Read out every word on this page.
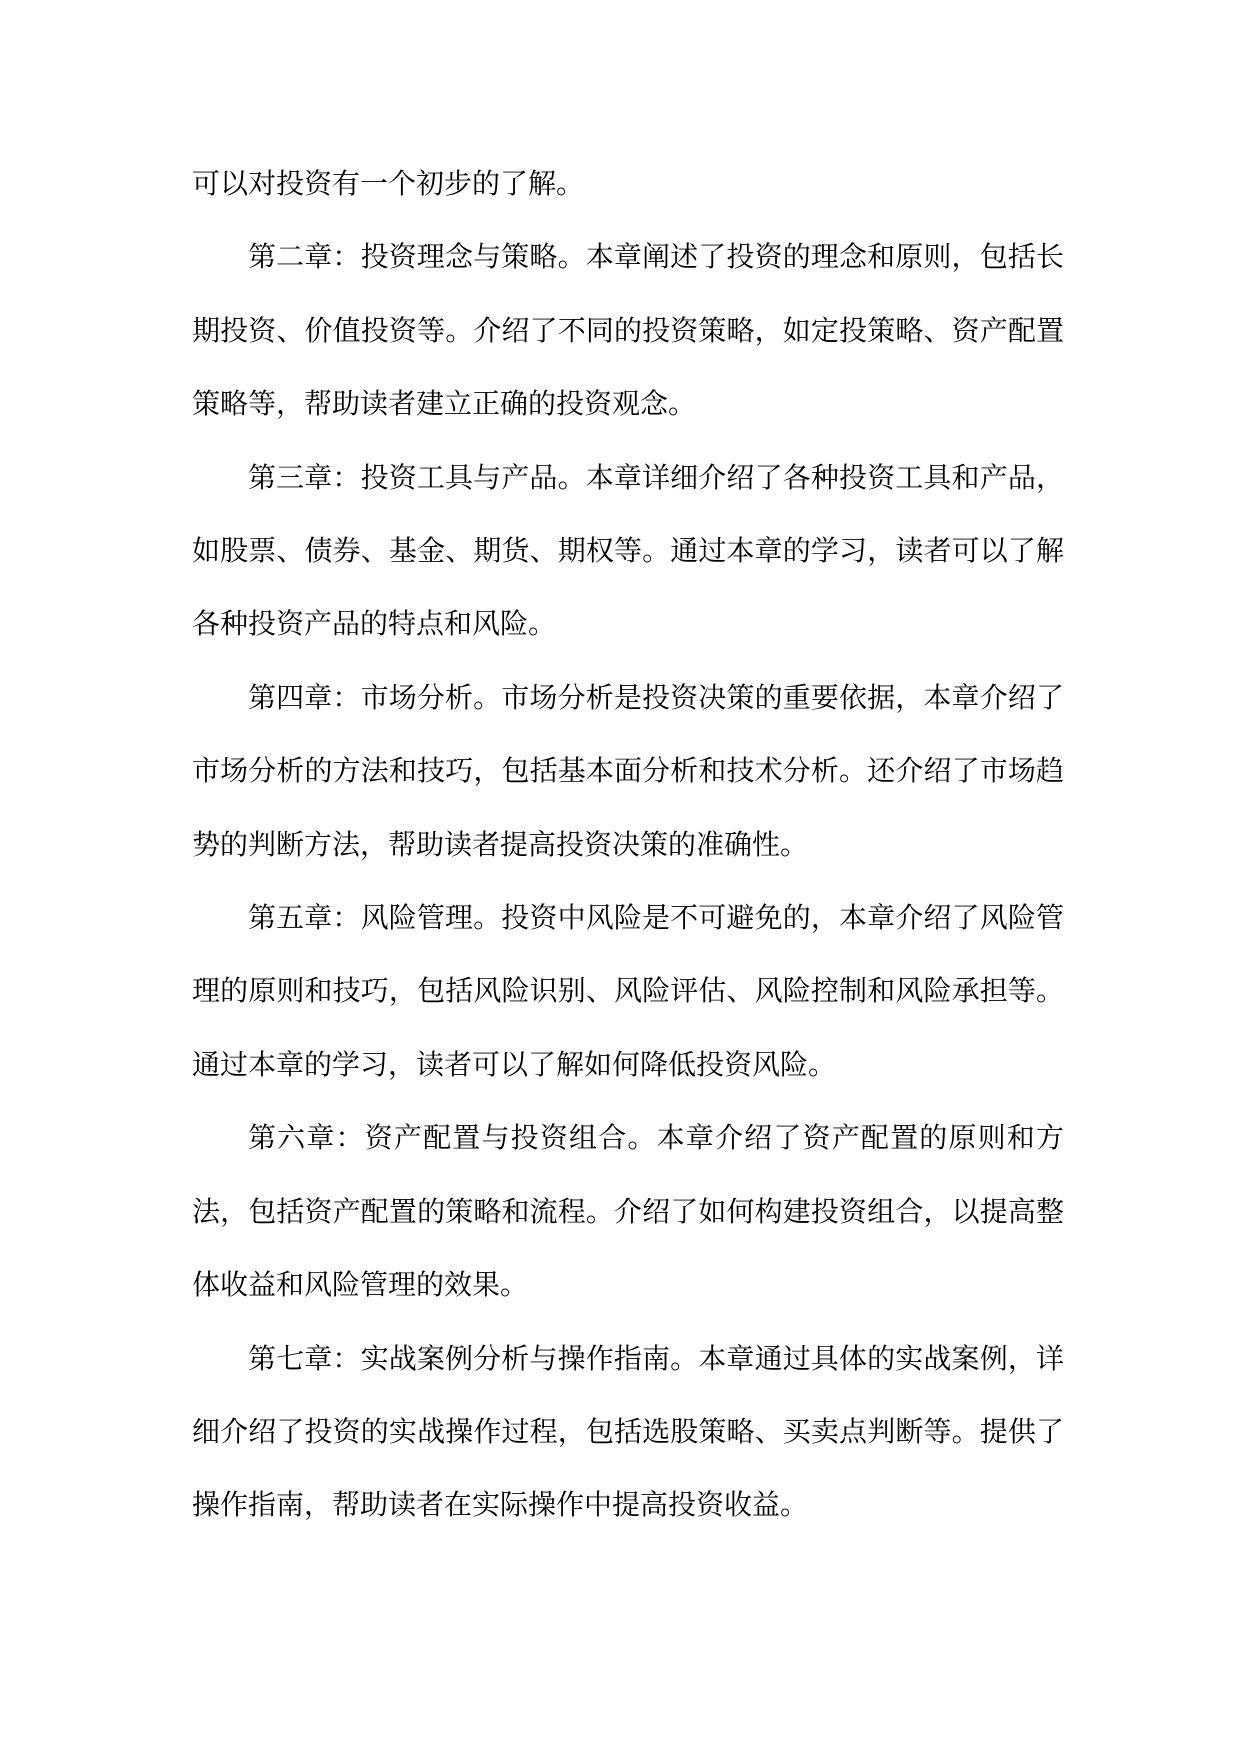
可以对投资有一个初步的了解。

第二章：投资理念与策略。本章阐述了投资的理念和原则，包括长期投资、价值投资等。介绍了不同的投资策略，如定投策略、资产配置策略等，帮助读者建立正确的投资观念。

第三章：投资工具与产品。本章详细介绍了各种投资工具和产品，如股票、债券、基金、期货、期权等。通过本章的学习，读者可以了解各种投资产品的特点和风险。

第四章：市场分析。市场分析是投资决策的重要依据，本章介绍了市场分析的方法和技巧，包括基本面分析和技术分析。还介绍了市场趋势的判断方法，帮助读者提高投资决策的准确性。

第五章：风险管理。投资中风险是不可避免的，本章介绍了风险管理的原则和技巧，包括风险识别、风险评估、风险控制和风险承担等。通过本章的学习，读者可以了解如何降低投资风险。

第六章：资产配置与投资组合。本章介绍了资产配置的原则和方法，包括资产配置的策略和流程。介绍了如何构建投资组合，以提高整体收益和风险管理的效果。

第七章：实战案例分析与操作指南。本章通过具体的实战案例，详细介绍了投资的实战操作过程，包括选股策略、买卖点判断等。提供了操作指南，帮助读者在实际操作中提高投资收益。
